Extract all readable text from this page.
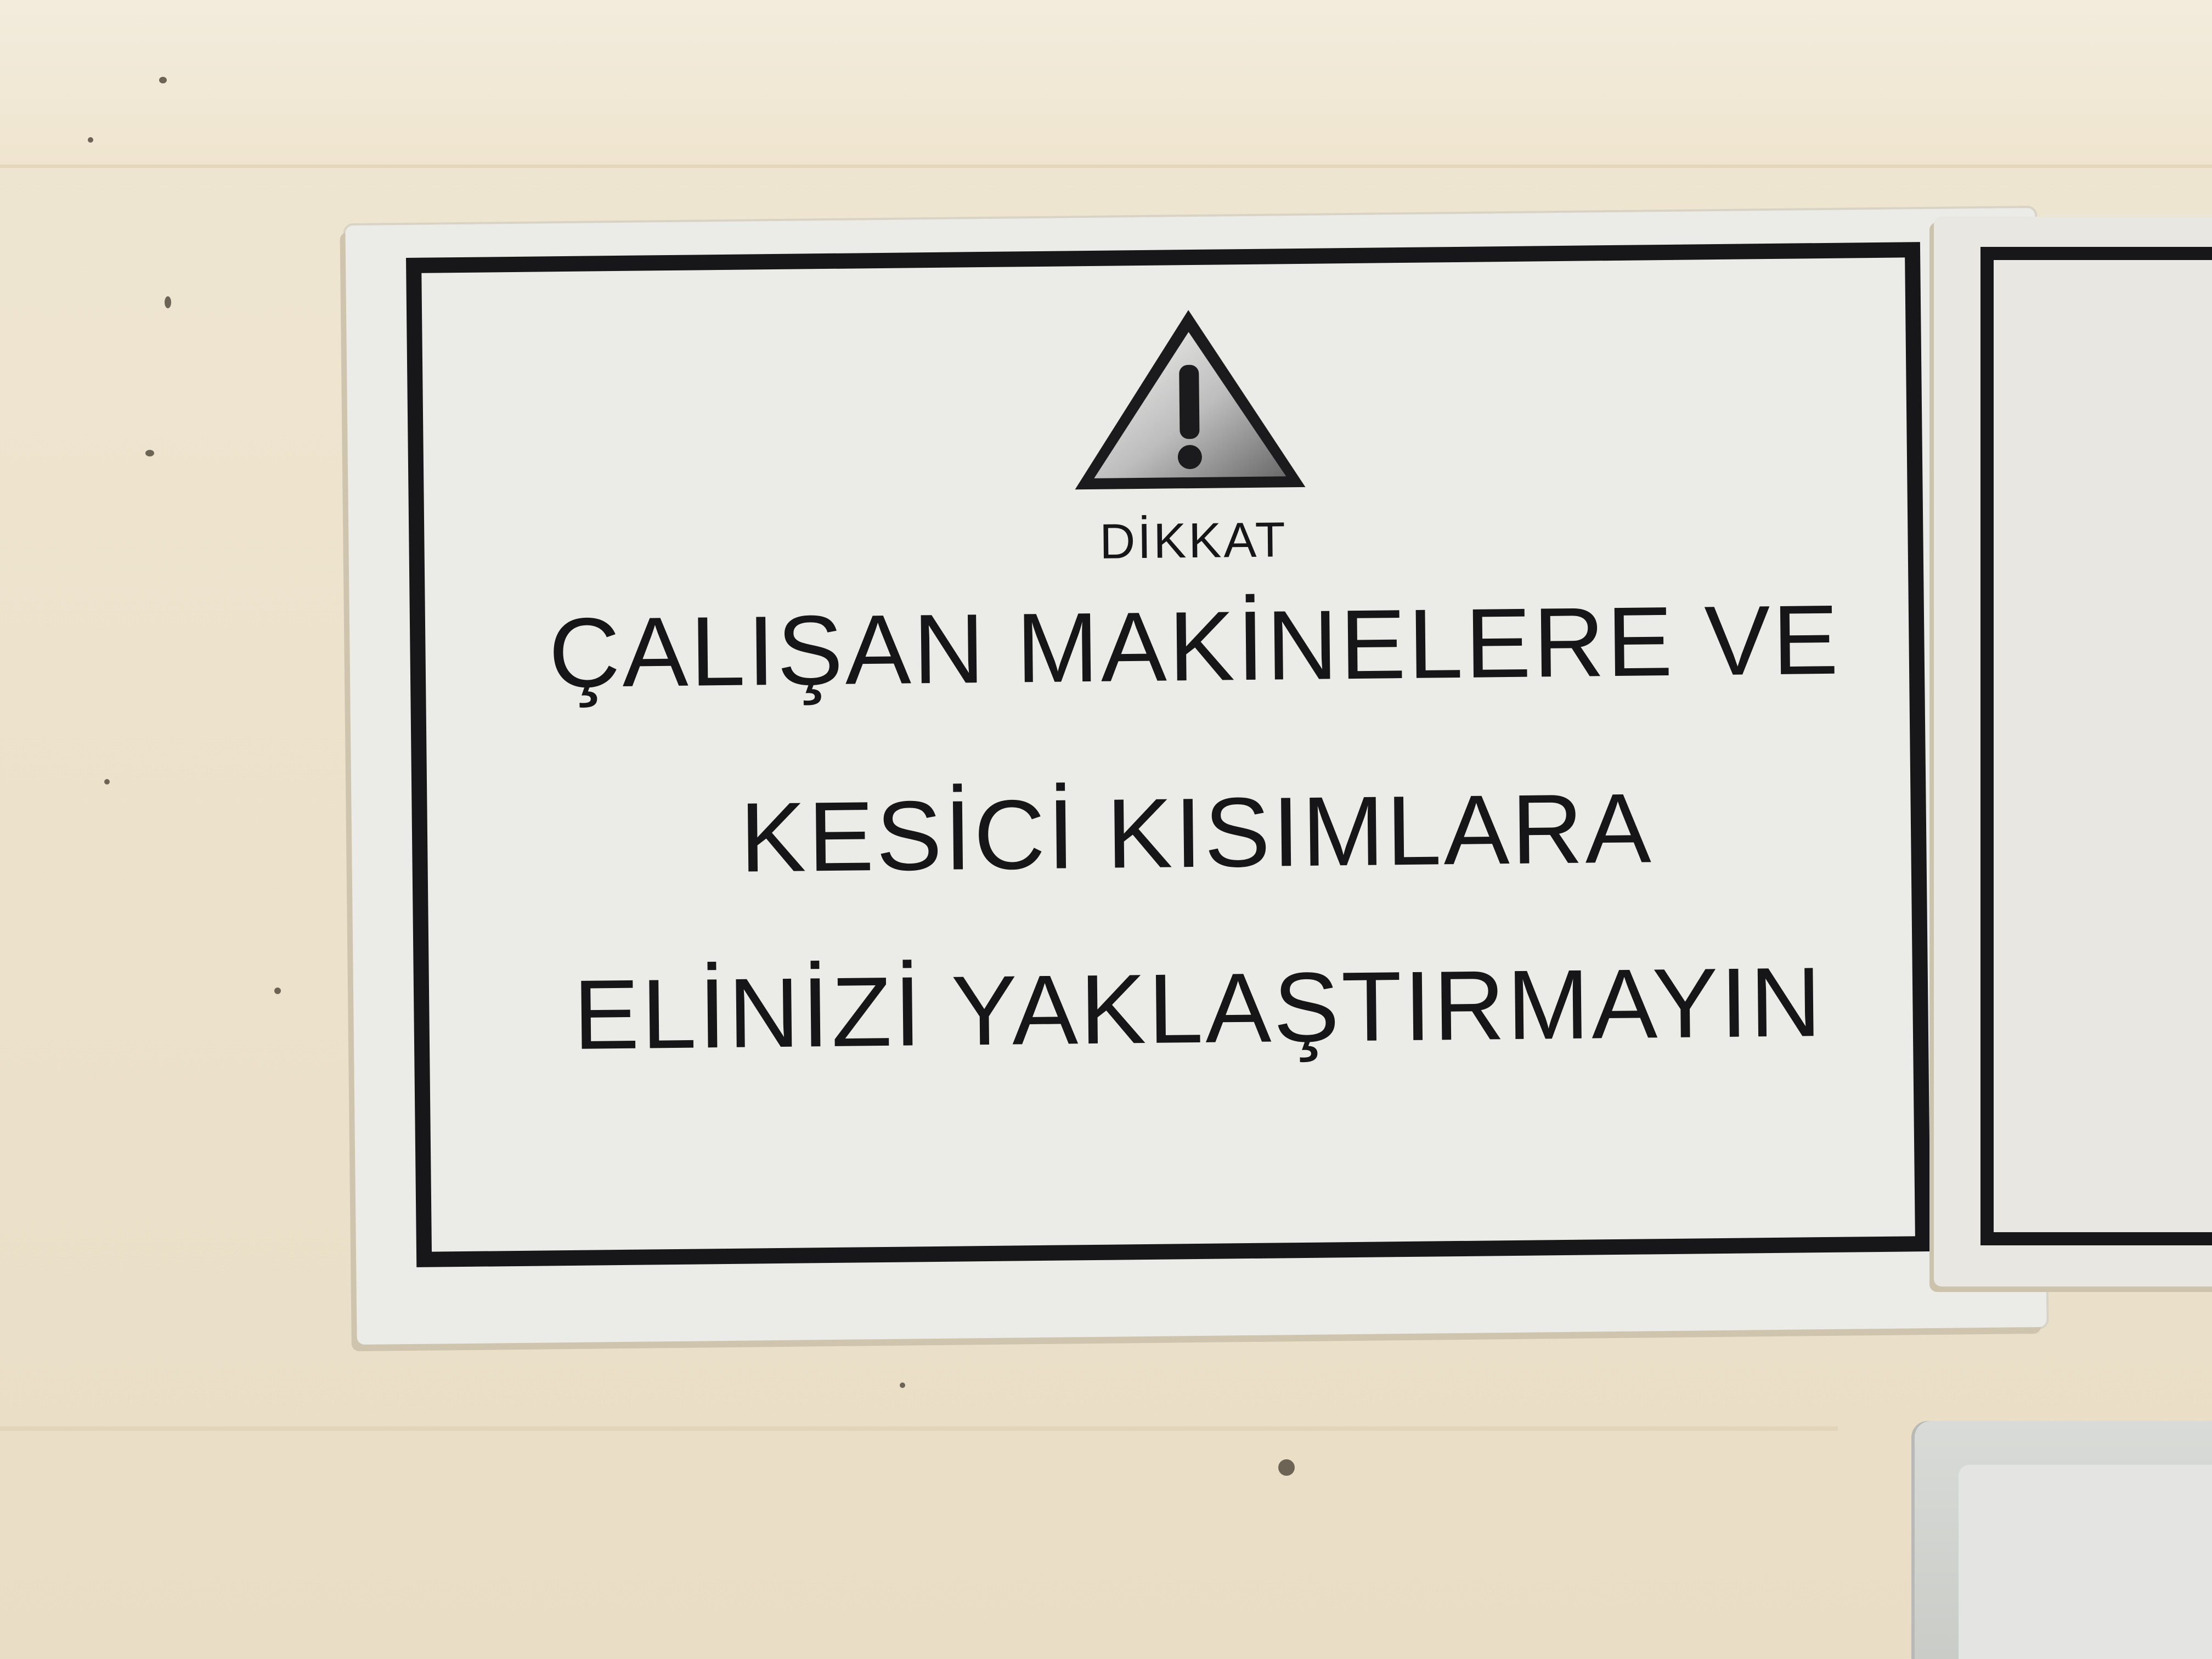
DİKKAT
ÇALIŞAN MAKİNELERE VE
KESİCİ KISIMLARA
ELİNİZİ YAKLAŞTIRMAYIN
